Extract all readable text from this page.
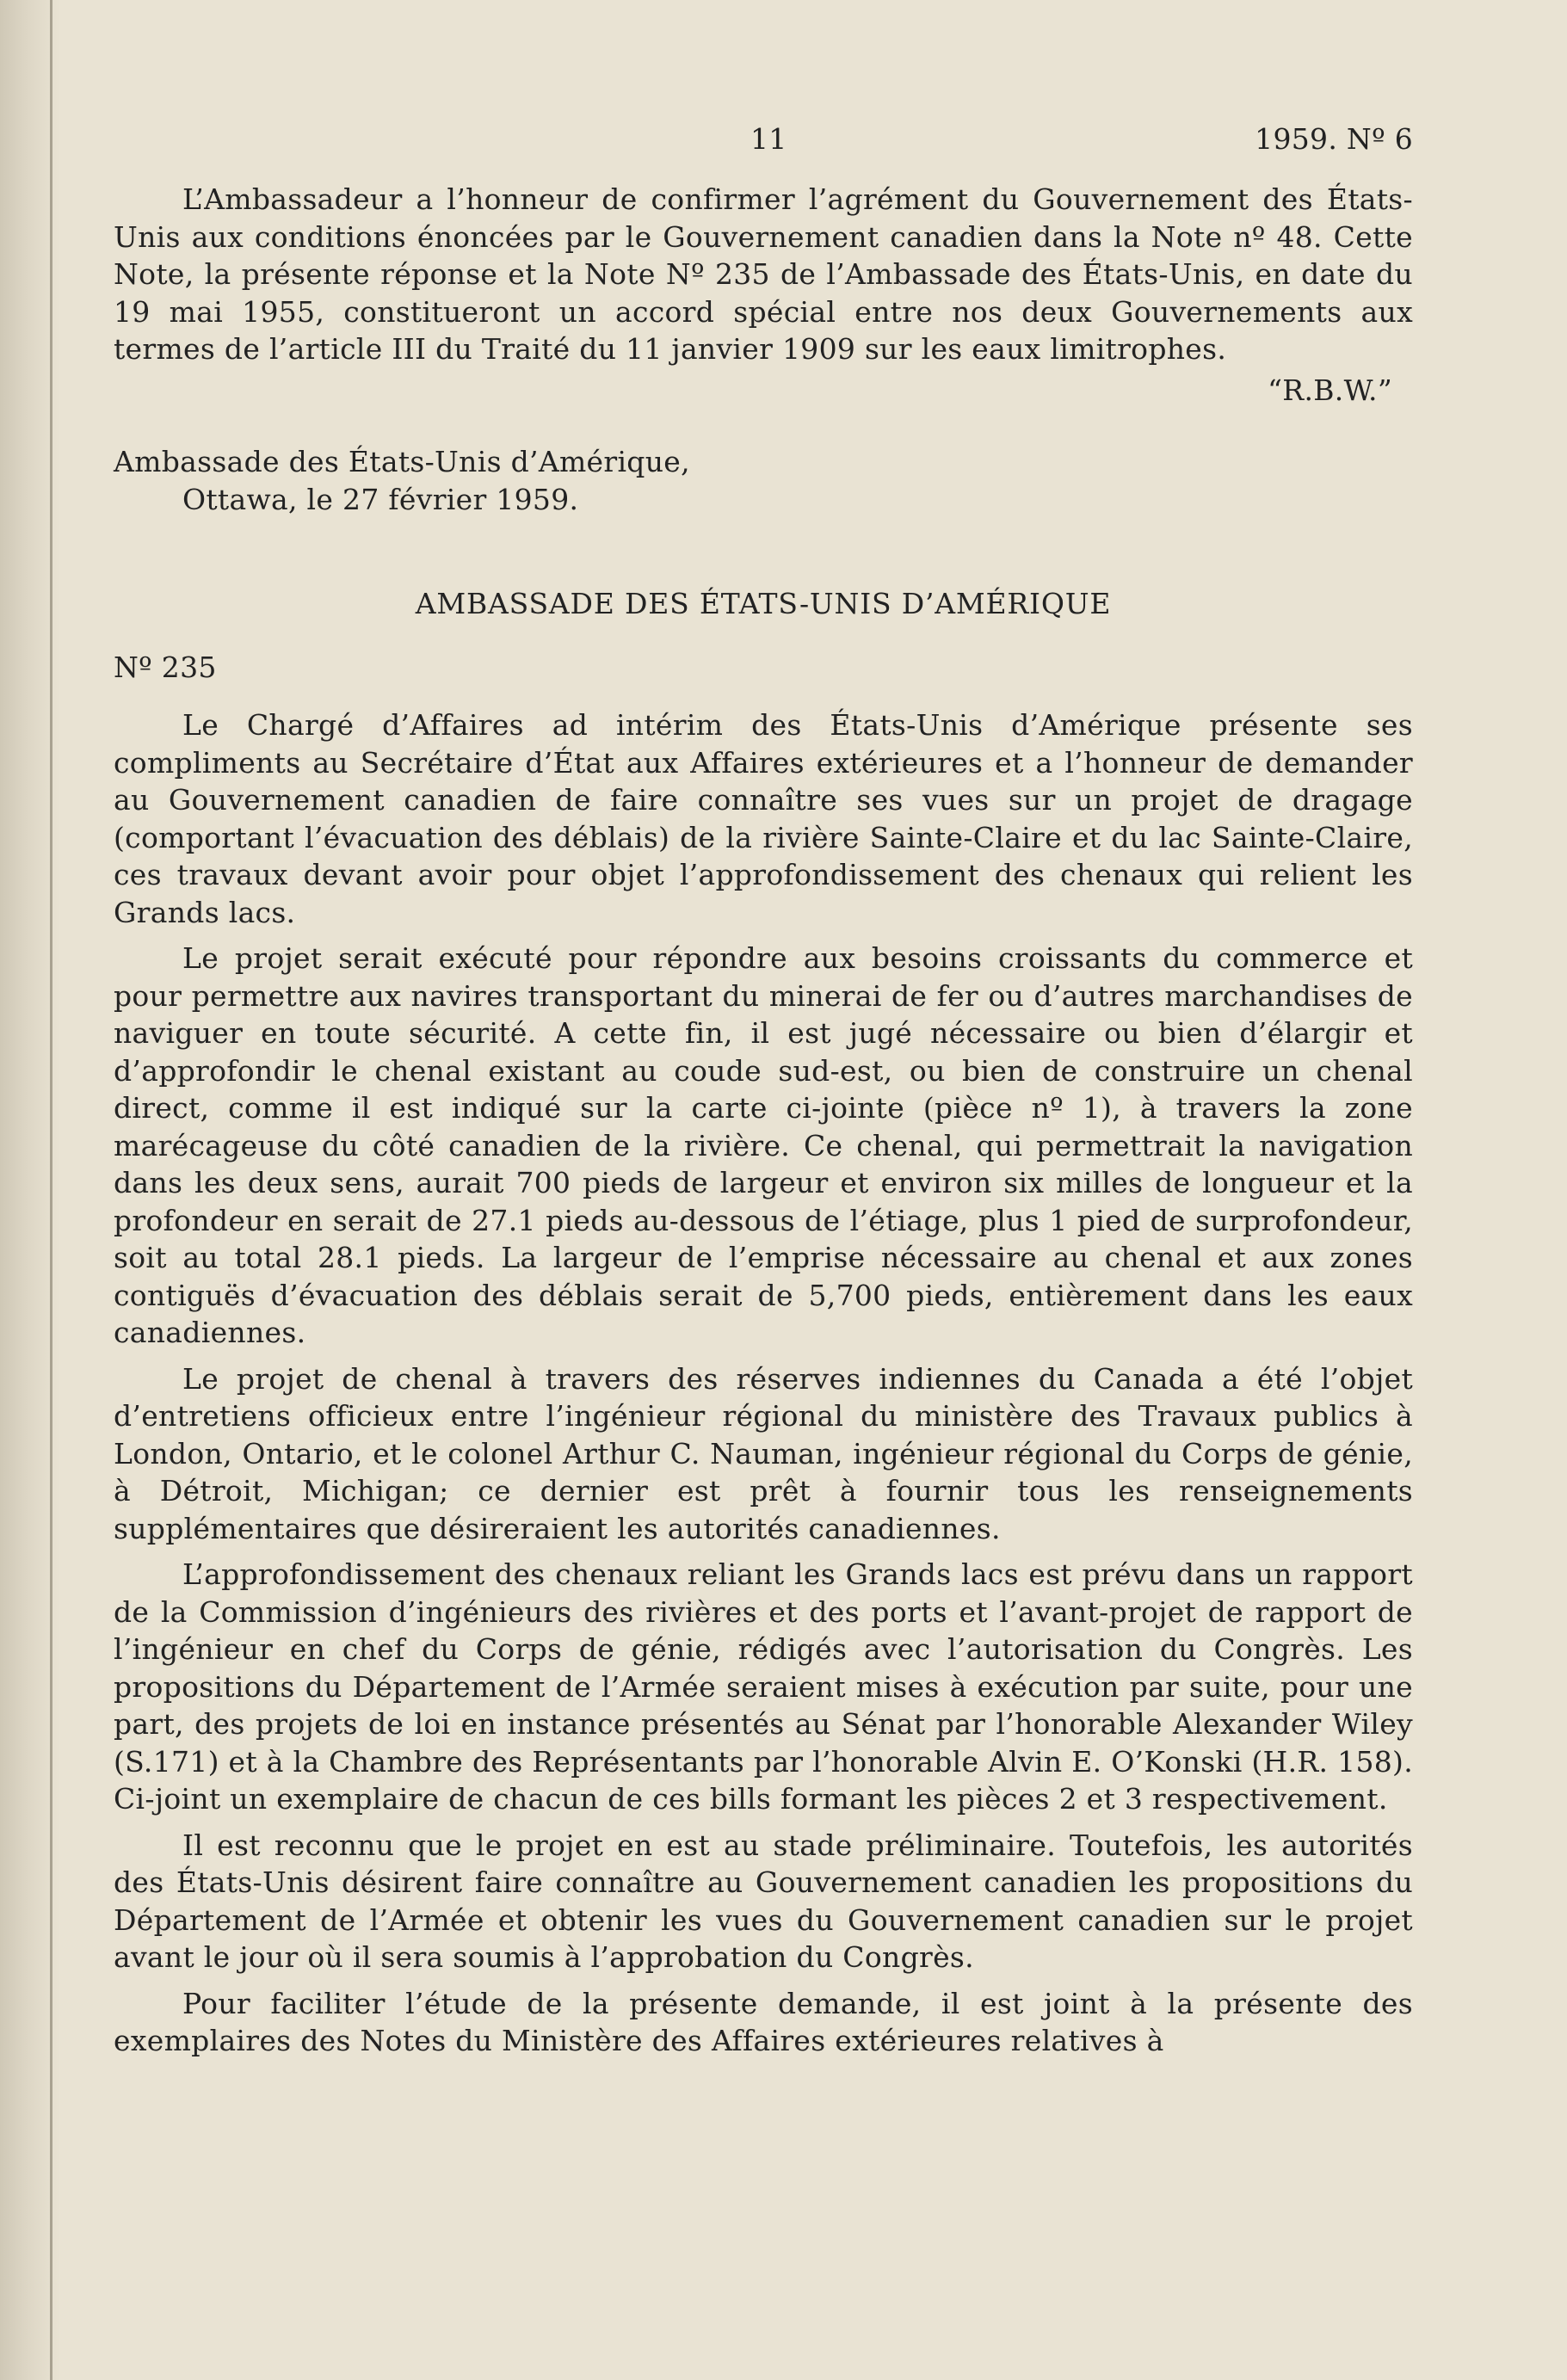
11	1959. Nº 6

L’Ambassadeur a l’honneur de confirmer l’agrément du Gouvernement des États-Unis aux conditions énoncées par le Gouvernement canadien dans la Note nº 48. Cette Note, la présente réponse et la Note Nº 235 de l’Ambassade des États-Unis, en date du 19 mai 1955, constitueront un accord spécial entre nos deux Gouvernements aux termes de l’article III du Traité du 11 janvier 1909 sur les eaux limitrophes.

“R.B.W.”

Ambassade des États-Unis d’Amérique,

Ottawa, le 27 février 1959.

AMBASSADE DES ÉTATS-UNIS D’AMÉRIQUE

Nº 235

Le Chargé d’Affaires ad intérim des États-Unis d’Amérique présente ses compliments au Secrétaire d’État aux Affaires extérieures et a l’honneur de demander au Gouvernement canadien de faire connaître ses vues sur un projet de dragage (comportant l’évacuation des déblais) de la rivière Sainte-Claire et du lac Sainte-Claire, ces travaux devant avoir pour objet l’approfondissement des chenaux qui relient les Grands lacs.

Le projet serait exécuté pour répondre aux besoins croissants du commerce et pour permettre aux navires transportant du minerai de fer ou d’autres marchandises de naviguer en toute sécurité. A cette fin, il est jugé nécessaire ou bien d’élargir et d’approfondir le chenal existant au coude sud-est, ou bien de construire un chenal direct, comme il est indiqué sur la carte ci-jointe (pièce nº 1), à travers la zone marécageuse du côté canadien de la rivière. Ce chenal, qui permettrait la navigation dans les deux sens, aurait 700 pieds de largeur et environ six milles de longueur et la profondeur en serait de 27.1 pieds au-dessous de l’étiage, plus 1 pied de surprofondeur, soit au total 28.1 pieds. La largeur de l’emprise nécessaire au chenal et aux zones contiguës d’évacuation des déblais serait de 5,700 pieds, entièrement dans les eaux canadiennes.

Le projet de chenal à travers des réserves indiennes du Canada a été l’objet d’entretiens officieux entre l’ingénieur régional du ministère des Travaux publics à London, Ontario, et le colonel Arthur C. Nauman, ingénieur régional du Corps de génie, à Détroit, Michigan; ce dernier est prêt à fournir tous les renseignements supplémentaires que désireraient les autorités canadiennes.

L’approfondissement des chenaux reliant les Grands lacs est prévu dans un rapport de la Commission d’ingénieurs des rivières et des ports et l’avant-projet de rapport de l’ingénieur en chef du Corps de génie, rédigés avec l’autorisation du Congrès. Les propositions du Département de l’Armée seraient mises à exécution par suite, pour une part, des projets de loi en instance présentés au Sénat par l’honorable Alexander Wiley (S.171) et à la Chambre des Représentants par l’honorable Alvin E. O’Konski (H.R. 158). Ci-joint un exemplaire de chacun de ces bills formant les pièces 2 et 3 respectivement.

Il est reconnu que le projet en est au stade préliminaire. Toutefois, les autorités des États-Unis désirent faire connaître au Gouvernement canadien les propositions du Département de l’Armée et obtenir les vues du Gouvernement canadien sur le projet avant le jour où il sera soumis à l’approbation du Congrès.

Pour faciliter l’étude de la présente demande, il est joint à la présente des exemplaires des Notes du Ministère des Affaires extérieures relatives à
